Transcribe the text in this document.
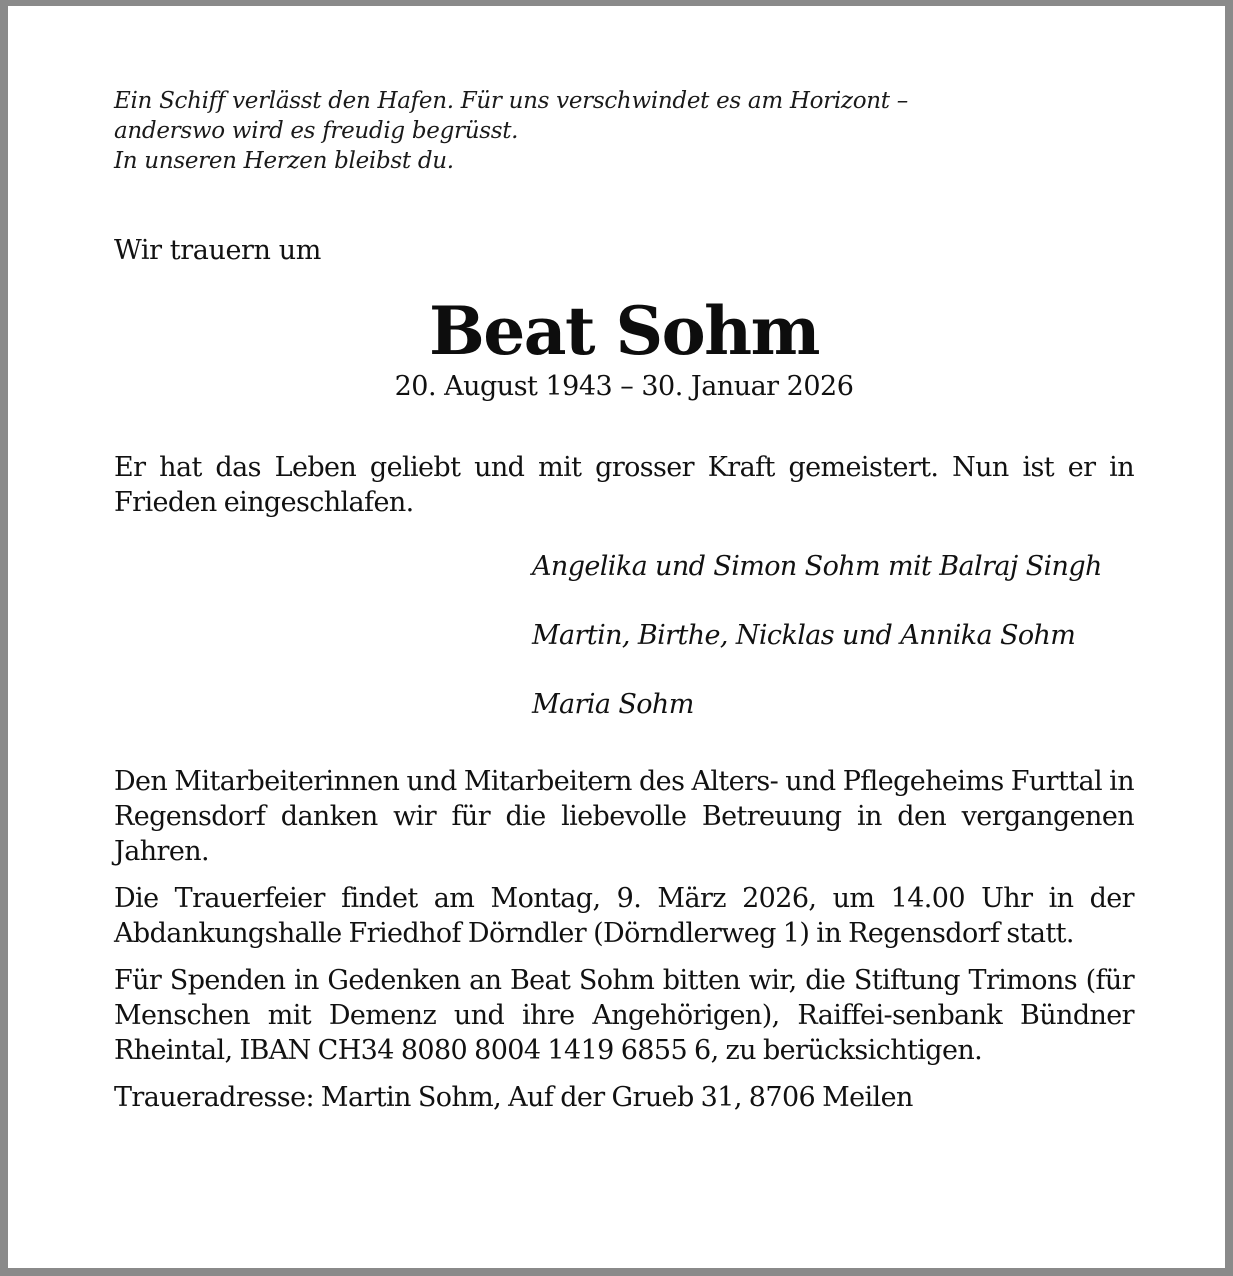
Ein Schiff verlässt den Hafen. Für uns verschwindet es am Horizont –
anderswo wird es freudig begrüsst.
In unseren Herzen bleibst du.
Wir trauern um
Beat Sohm
20. August 1943 – 30. Januar 2026
Er hat das Leben geliebt und mit grosser Kraft gemeistert. Nun ist er in Frieden eingeschlafen.
Angelika und Simon Sohm mit Balraj Singh
Martin, Birthe, Nicklas und Annika Sohm
Maria Sohm
Den Mitarbeiterinnen und Mitarbeitern des Alters- und Pflegeheims Furttal in Regensdorf danken wir für die liebevolle Betreuung in den vergangenen Jahren.
Die Trauerfeier findet am Montag, 9. März 2026, um 14.00 Uhr in der Abdankungshalle Friedhof Dörndler (Dörndlerweg 1) in Regensdorf statt.
Für Spenden in Gedenken an Beat Sohm bitten wir, die Stiftung Trimons (für Menschen mit Demenz und ihre Angehörigen), Raiffei-senbank Bündner Rheintal, IBAN CH34 8080 8004 1419 6855 6, zu berücksichtigen.
Traueradresse: Martin Sohm, Auf der Grueb 31, 8706 Meilen
